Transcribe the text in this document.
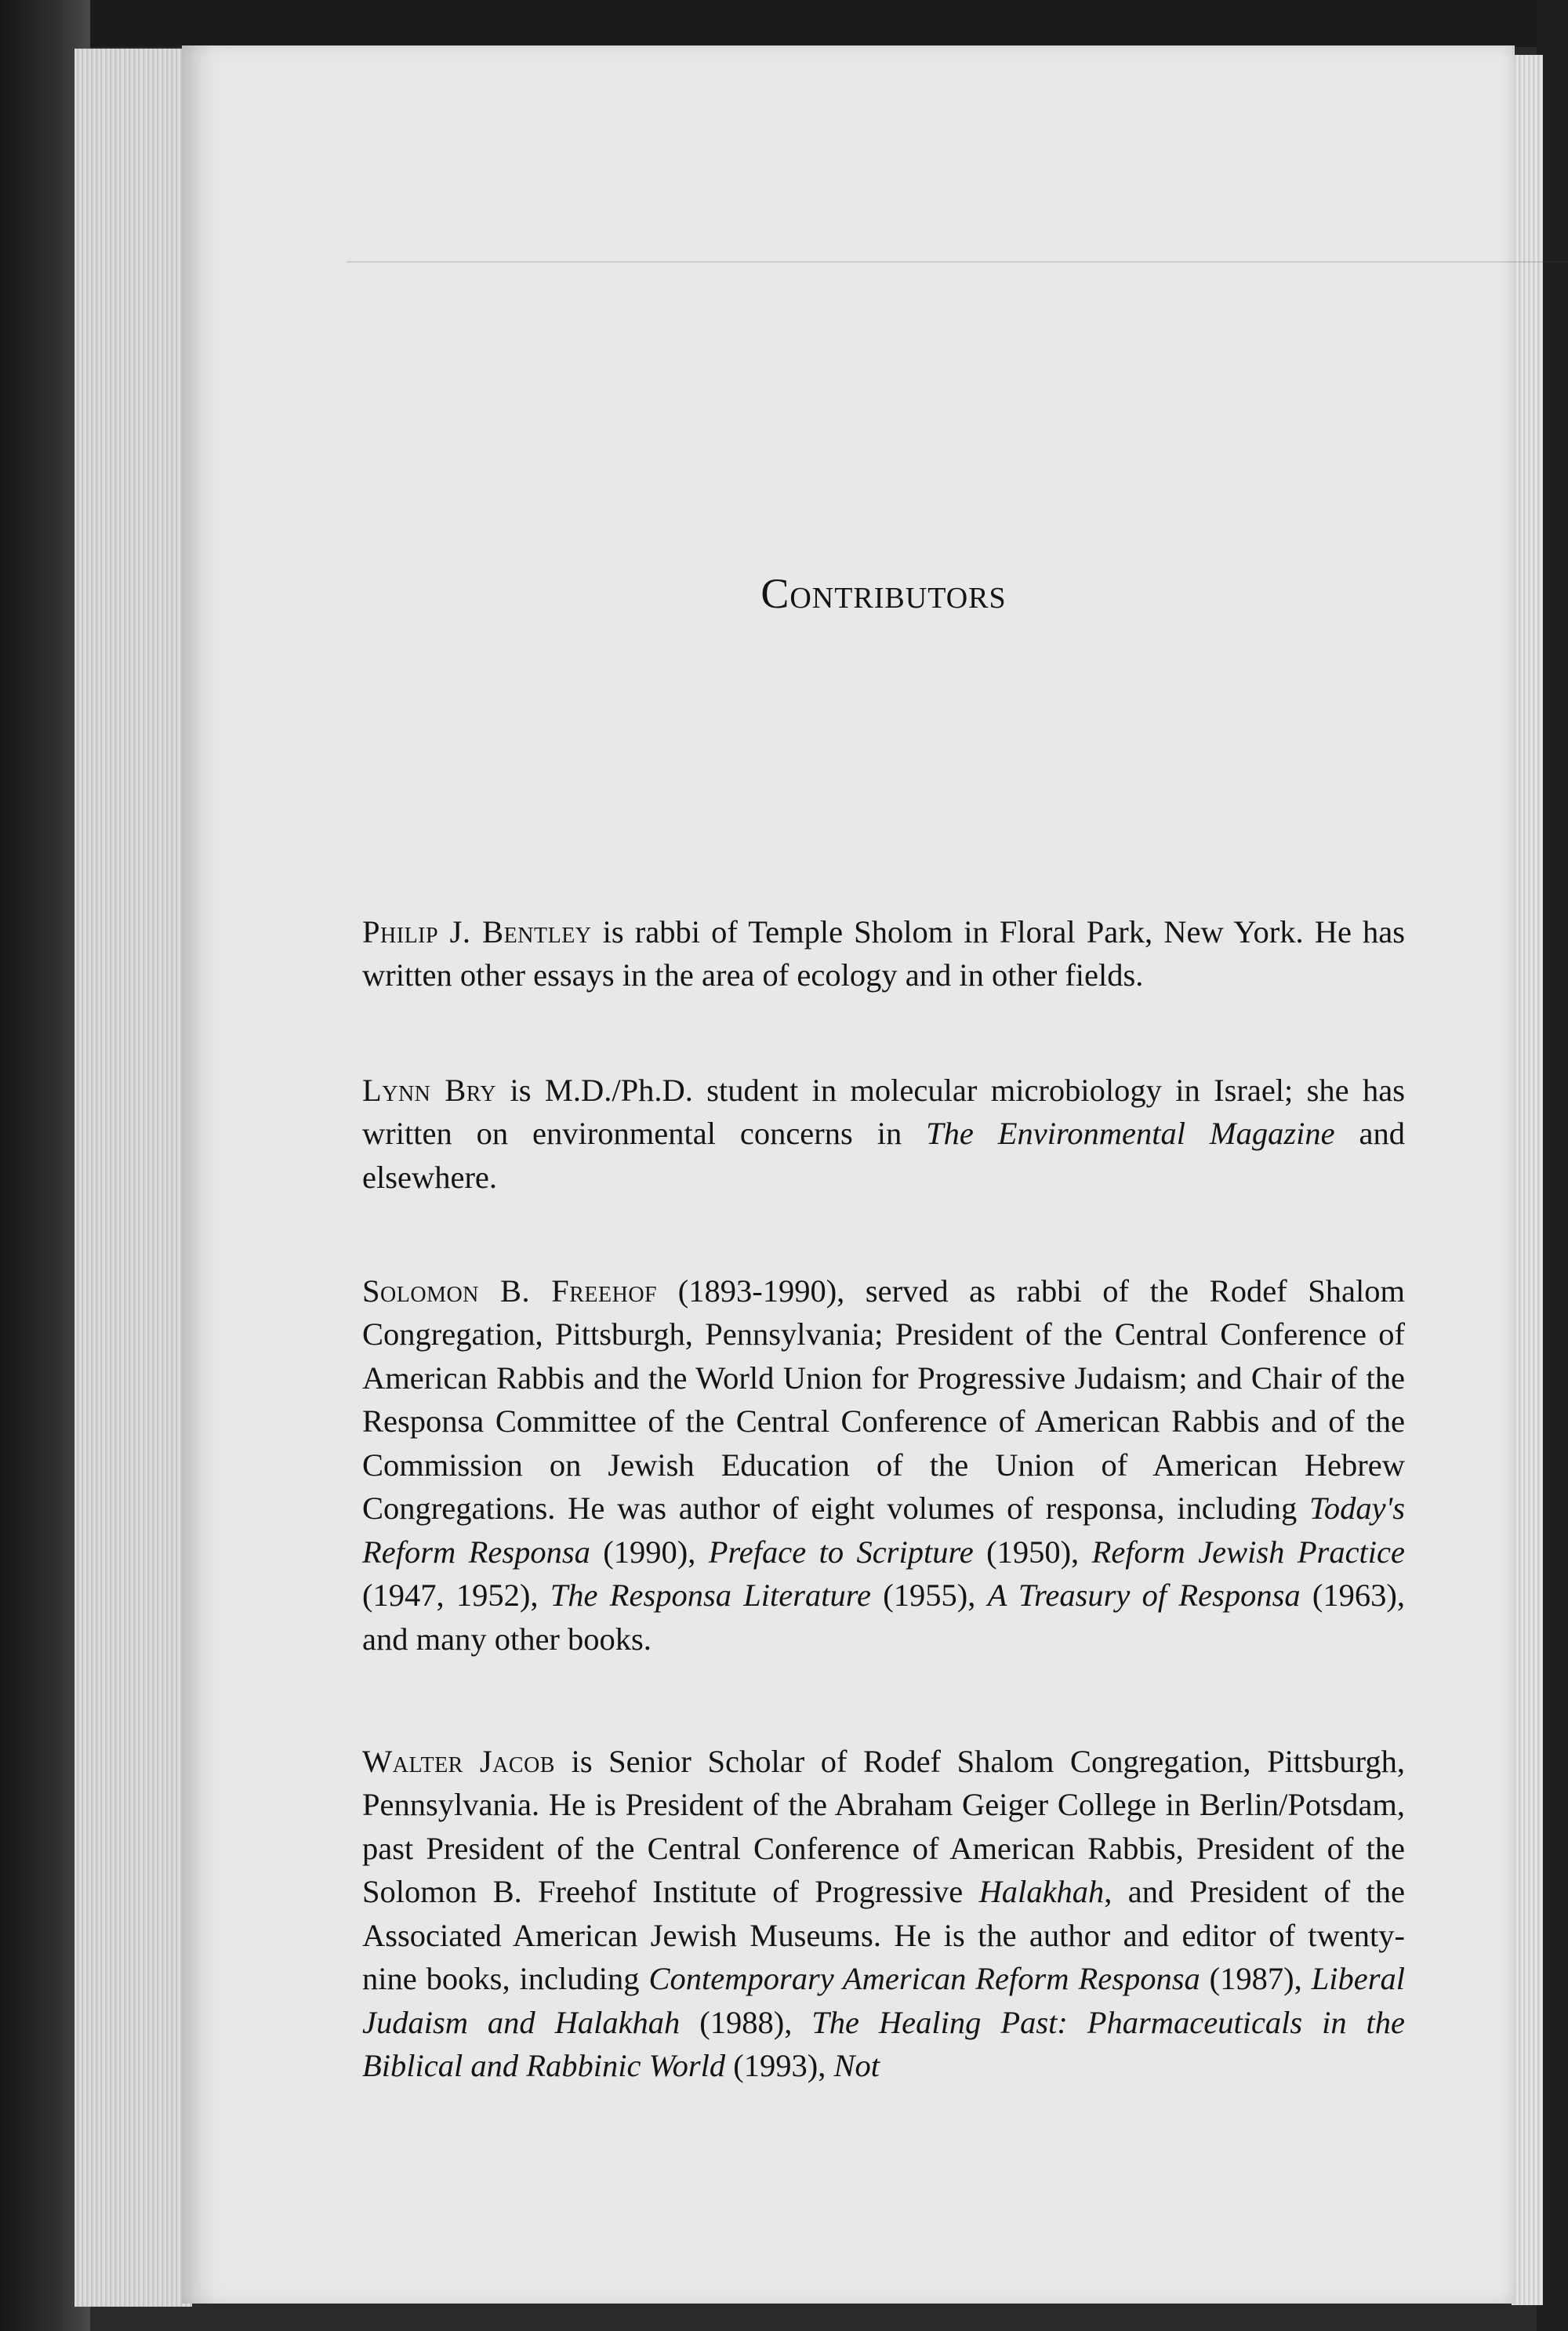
Contributors

Philip J. Bentley is rabbi of Temple Sholom in Floral Park, New York. He has written other essays in the area of ecology and in other fields.

Lynn Bry is M.D./Ph.D. student in molecular microbiology in Israel; she has written on environmental concerns in The Environmental Magazine and elsewhere.

Solomon B. Freehof (1893-1990), served as rabbi of the Rodef Shalom Congregation, Pittsburgh, Pennsylvania; President of the Central Conference of American Rabbis and the World Union for Progressive Judaism; and Chair of the Responsa Committee of the Central Conference of American Rabbis and of the Commission on Jewish Education of the Union of American Hebrew Congregations. He was author of eight volumes of responsa, including Today's Reform Responsa (1990), Preface to Scripture (1950), Reform Jewish Practice (1947, 1952), The Responsa Literature (1955), A Treasury of Responsa (1963), and many other books.

Walter Jacob is Senior Scholar of Rodef Shalom Congregation, Pittsburgh, Pennsylvania. He is President of the Abraham Geiger College in Berlin/Potsdam, past President of the Central Conference of American Rabbis, President of the Solomon B. Freehof Institute of Progressive Halakhah, and President of the Associated American Jewish Museums. He is the author and editor of twenty-nine books, including Contemporary American Reform Responsa (1987), Liberal Judaism and Halakhah (1988), The Healing Past: Pharmaceuticals in the Biblical and Rabbinic World (1993), Not
